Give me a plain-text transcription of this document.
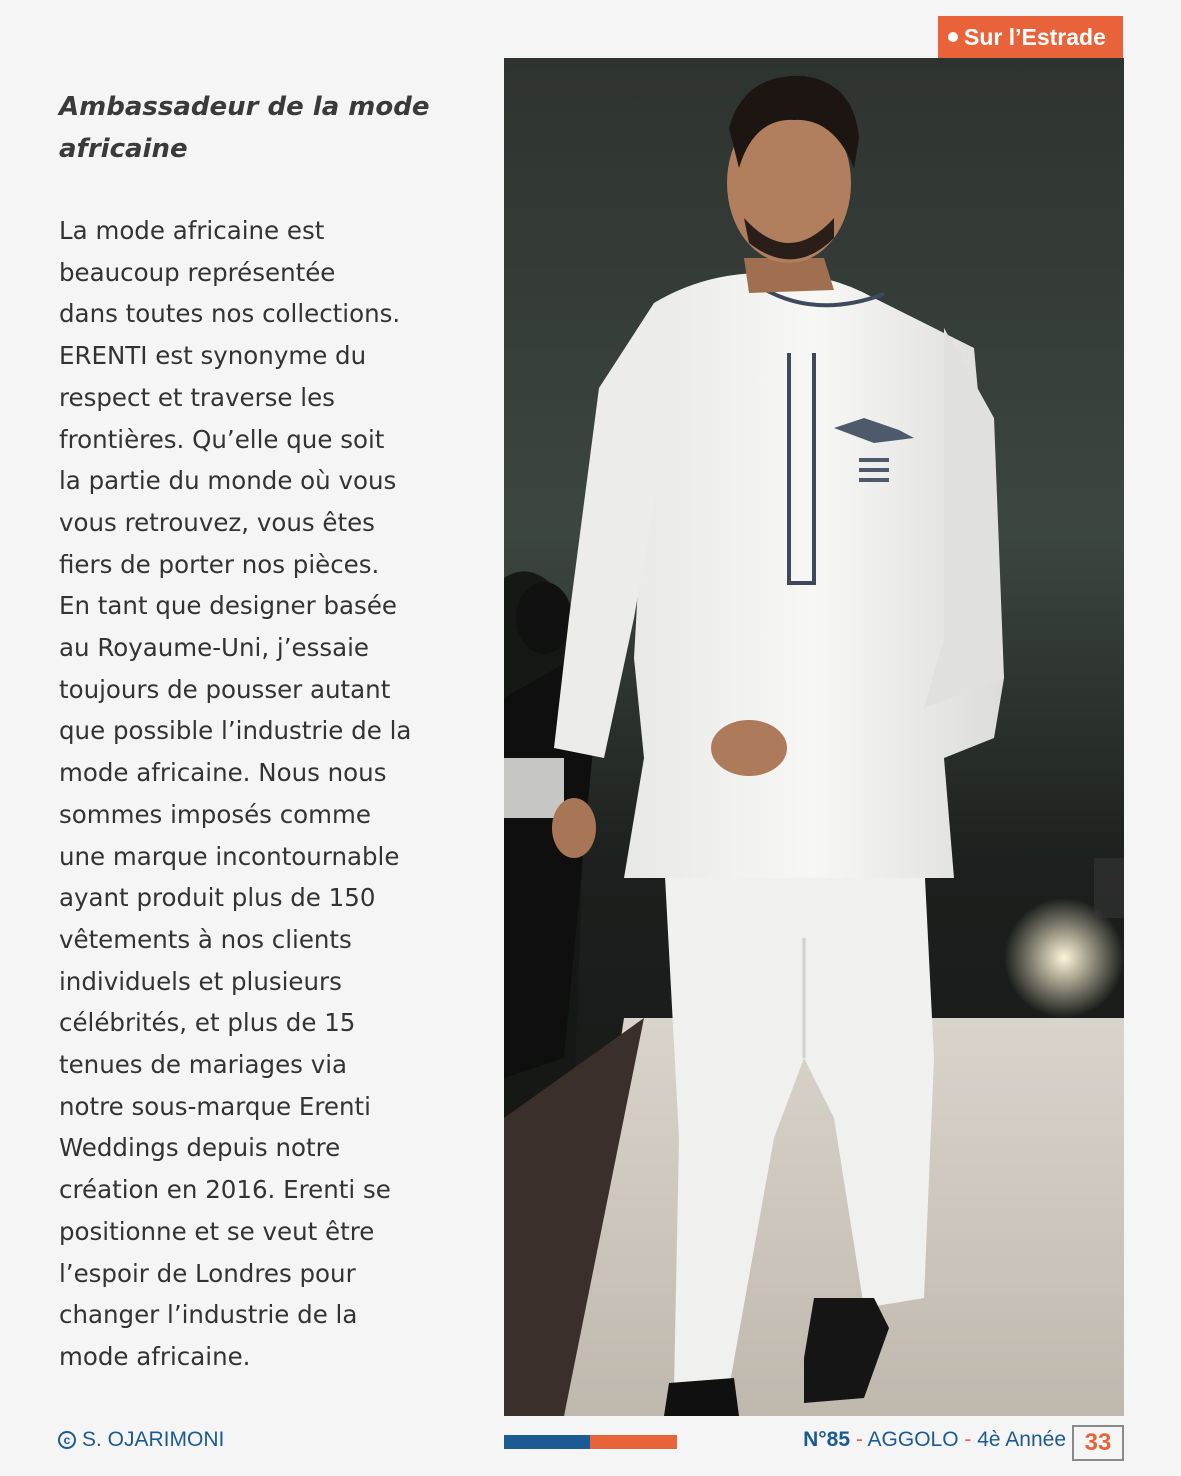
Sur l’Estrade
Ambassadeur de la mode africaine

La mode africaine est
beaucoup représentée
dans toutes nos collections.
ERENTI est synonyme du
respect et traverse les
frontières. Qu’elle que soit
la partie du monde où vous
vous retrouvez, vous êtes
fiers de porter nos pièces.
En tant que designer basée
au Royaume-Uni, j’essaie
toujours de pousser autant
que possible l’industrie de la
mode africaine. Nous nous
sommes imposés comme
une marque incontournable
ayant produit plus de 150
vêtements à nos clients
individuels et plusieurs
célébrités, et plus de 15
tenues de mariages via
notre sous-marque Erenti
Weddings depuis notre
création en 2016. Erenti se
positionne et se veut être
l’espoir de Londres pour
changer l’industrie de la
mode africaine.

c S. OJARIMONI	N°85 - AGGOLO - 4è Année 33
